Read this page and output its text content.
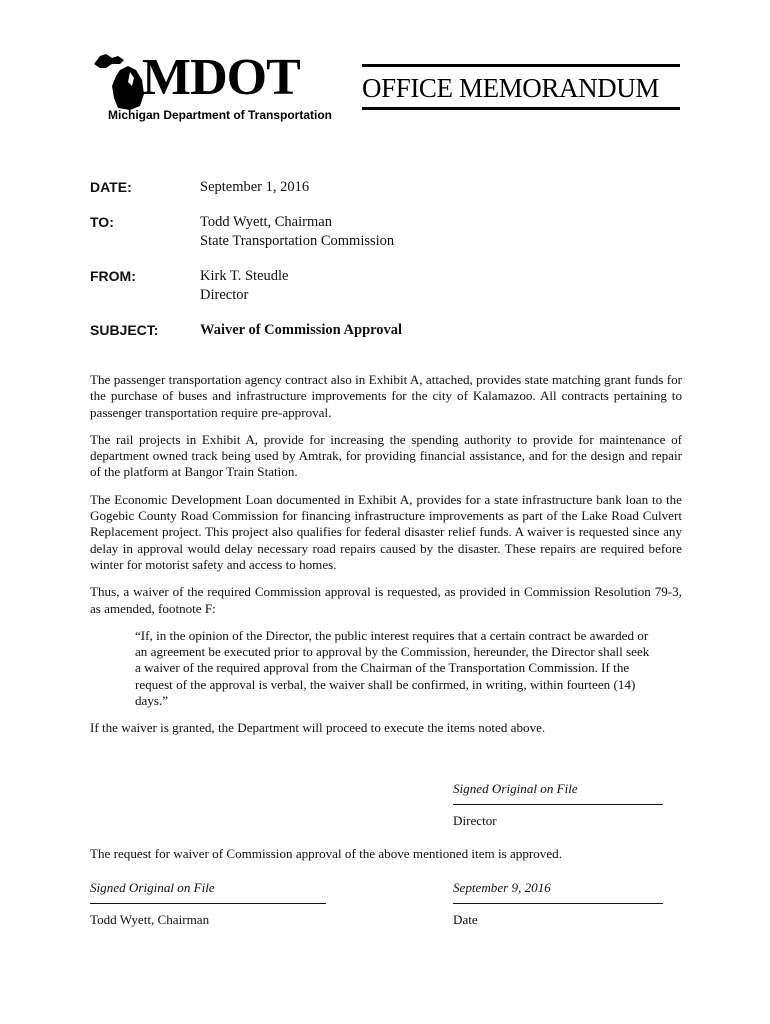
MDOT
Michigan Department of Transportation
OFFICE MEMORANDUM
DATE:	September 1, 2016
TO:	Todd Wyett, Chairman
State Transportation Commission
FROM:	Kirk T. Steudle
Director
SUBJECT:	Waiver of Commission Approval

The passenger transportation agency contract also in Exhibit A, attached, provides state matching grant funds for the purchase of buses and infrastructure improvements for the city of Kalamazoo. All contracts pertaining to passenger transportation require pre-approval.

The rail projects in Exhibit A, provide for increasing the spending authority to provide for maintenance of department owned track being used by Amtrak, for providing financial assistance, and for the design and repair of the platform at Bangor Train Station.

The Economic Development Loan documented in Exhibit A, provides for a state infrastructure bank loan to the Gogebic County Road Commission for financing infrastructure improvements as part of the Lake Road Culvert Replacement project. This project also qualifies for federal disaster relief funds. A waiver is requested since any delay in approval would delay necessary road repairs caused by the disaster. These repairs are required before winter for motorist safety and access to homes.

Thus, a waiver of the required Commission approval is requested, as provided in Commission Resolution 79-3, as amended, footnote F:

“If, in the opinion of the Director, the public interest requires that a certain contract be awarded or an agreement be executed prior to approval by the Commission, hereunder, the Director shall seek a waiver of the required approval from the Chairman of the Transportation Commission. If the request of the approval is verbal, the waiver shall be confirmed, in writing, within fourteen (14) days.”

If the waiver is granted, the Department will proceed to execute the items noted above.

Signed Original on File
Director
The request for waiver of Commission approval of the above mentioned item is approved.
Signed Original on File
Todd Wyett, Chairman
September 9, 2016
Date
